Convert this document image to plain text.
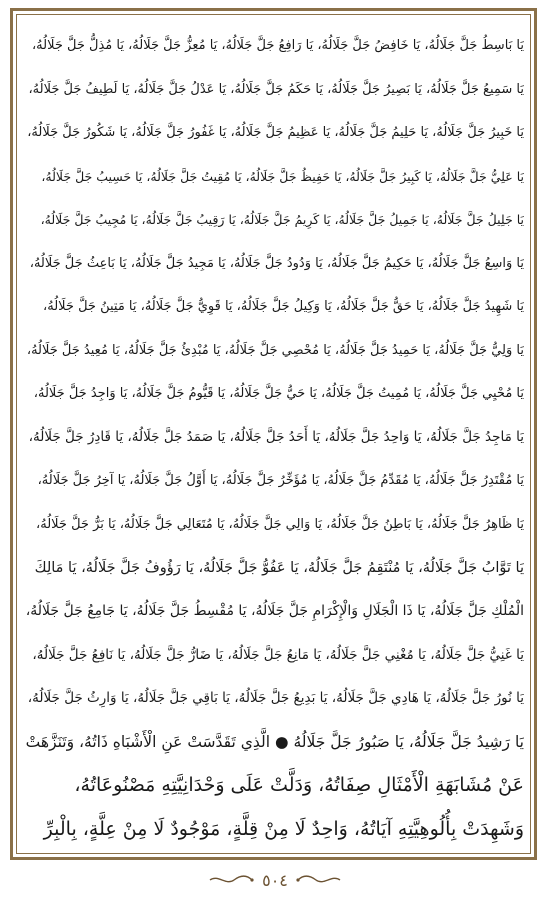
يَا بَاسِطُ جَلَّ جَلَالُهُ، يَا خَافِضُ جَلَّ جَلَالُهُ، يَا رَافِعُ جَلَّ جَلَالُهُ، يَا مُعِزُّ جَلَّ جَلَالُهُ، يَا مُذِلُّ جَلَّ جَلَالُهُ،
يَا سَمِيعُ جَلَّ جَلَالُهُ، يَا بَصِيرُ جَلَّ جَلَالُهُ، يَا حَكَمُ جَلَّ جَلَالُهُ، يَا عَدْلُ جَلَّ جَلَالُهُ، يَا لَطِيفُ جَلَّ جَلَالُهُ،
يَا خَبِيرُ جَلَّ جَلَالُهُ، يَا حَلِيمُ جَلَّ جَلَالُهُ، يَا عَظِيمُ جَلَّ جَلَالُهُ، يَا غَفُورُ جَلَّ جَلَالُهُ، يَا شَكُورُ جَلَّ جَلَالُهُ،
يَا عَلِيُّ جَلَّ جَلَالُهُ، يَا كَبِيرُ جَلَّ جَلَالُهُ، يَا حَفِيظُ جَلَّ جَلَالُهُ، يَا مُقِيتُ جَلَّ جَلَالُهُ، يَا حَسِيبُ جَلَّ جَلَالُهُ،
يَا جَلِيلُ جَلَّ جَلَالُهُ، يَا جَمِيلُ جَلَّ جَلَالُهُ، يَا كَرِيمُ جَلَّ جَلَالُهُ، يَا رَقِيبُ جَلَّ جَلَالُهُ، يَا مُجِيبُ جَلَّ جَلَالُهُ،
يَا وَاسِعُ جَلَّ جَلَالُهُ، يَا حَكِيمُ جَلَّ جَلَالُهُ، يَا وَدُودُ جَلَّ جَلَالُهُ، يَا مَجِيدُ جَلَّ جَلَالُهُ، يَا بَاعِثُ جَلَّ جَلَالُهُ،
يَا شَهِيدُ جَلَّ جَلَالُهُ، يَا حَقُّ جَلَّ جَلَالُهُ، يَا وَكِيلُ جَلَّ جَلَالُهُ، يَا قَوِيُّ جَلَّ جَلَالُهُ، يَا مَتِينُ جَلَّ جَلَالُهُ،
يَا وَلِيُّ جَلَّ جَلَالُهُ، يَا حَمِيدُ جَلَّ جَلَالُهُ، يَا مُحْصِي جَلَّ جَلَالُهُ، يَا مُبْدِئُ جَلَّ جَلَالُهُ، يَا مُعِيدُ جَلَّ جَلَالُهُ،
يَا مُحْيِي جَلَّ جَلَالُهُ، يَا مُمِيتُ جَلَّ جَلَالُهُ، يَا حَيُّ جَلَّ جَلَالُهُ، يَا قَيُّومُ جَلَّ جَلَالُهُ، يَا وَاجِدُ جَلَّ جَلَالُهُ،
يَا مَاجِدُ جَلَّ جَلَالُهُ، يَا وَاحِدُ جَلَّ جَلَالُهُ، يَا أَحَدُ جَلَّ جَلَالُهُ، يَا صَمَدُ جَلَّ جَلَالُهُ، يَا قَادِرُ جَلَّ جَلَالُهُ،
يَا مُقْتَدِرُ جَلَّ جَلَالُهُ، يَا مُقَدِّمُ جَلَّ جَلَالُهُ، يَا مُؤَخِّرُ جَلَّ جَلَالُهُ، يَا أَوَّلُ جَلَّ جَلَالُهُ، يَا آخِرُ جَلَّ جَلَالُهُ،
يَا ظَاهِرُ جَلَّ جَلَالُهُ، يَا بَاطِنُ جَلَّ جَلَالُهُ، يَا وَالِي جَلَّ جَلَالُهُ، يَا مُتَعَالِي جَلَّ جَلَالُهُ، يَا بَرُّ جَلَّ جَلَالُهُ،
يَا تَوَّابُ جَلَّ جَلَالُهُ، يَا مُنْتَقِمُ جَلَّ جَلَالُهُ، يَا عَفُوُّ جَلَّ جَلَالُهُ، يَا رَؤُوفُ جَلَّ جَلَالُهُ، يَا مَالِكَ
الْمُلْكِ جَلَّ جَلَالُهُ، يَا ذَا الْجَلَالِ وَالْإِكْرَامِ جَلَّ جَلَالُهُ، يَا مُقْسِطُ جَلَّ جَلَالُهُ، يَا جَامِعُ جَلَّ جَلَالُهُ،
يَا غَنِيُّ جَلَّ جَلَالُهُ، يَا مُغْنِي جَلَّ جَلَالُهُ، يَا مَانِعُ جَلَّ جَلَالُهُ، يَا ضَارُّ جَلَّ جَلَالُهُ، يَا نَافِعُ جَلَّ جَلَالُهُ،
يَا نُورُ جَلَّ جَلَالُهُ، يَا هَادِي جَلَّ جَلَالُهُ، يَا بَدِيعُ جَلَّ جَلَالُهُ، يَا بَاقِي جَلَّ جَلَالُهُ، يَا وَارِثُ جَلَّ جَلَالُهُ،
يَا رَشِيدُ جَلَّ جَلَالُهُ، يَا صَبُورُ جَلَّ جَلَالُهُ ● الَّذِي تَقَدَّسَتْ عَنِ الْأَشْبَاهِ ذَاتُهُ، وَتَنَزَّهَتْ
عَنْ مُشَابَهَةِ الْأَمْثَالِ صِفَاتُهُ، وَدَلَّتْ عَلَى وَحْدَانِيَّتِهِ مَصْنُوعَاتُهُ،
وَشَهِدَتْ بِأُلُوهِيَّتِهِ آيَاتُهُ، وَاحِدٌ لَا مِنْ قِلَّةٍ، مَوْجُودٌ لَا مِنْ عِلَّةٍ، بِالْبِرِّ
٥٠٤
